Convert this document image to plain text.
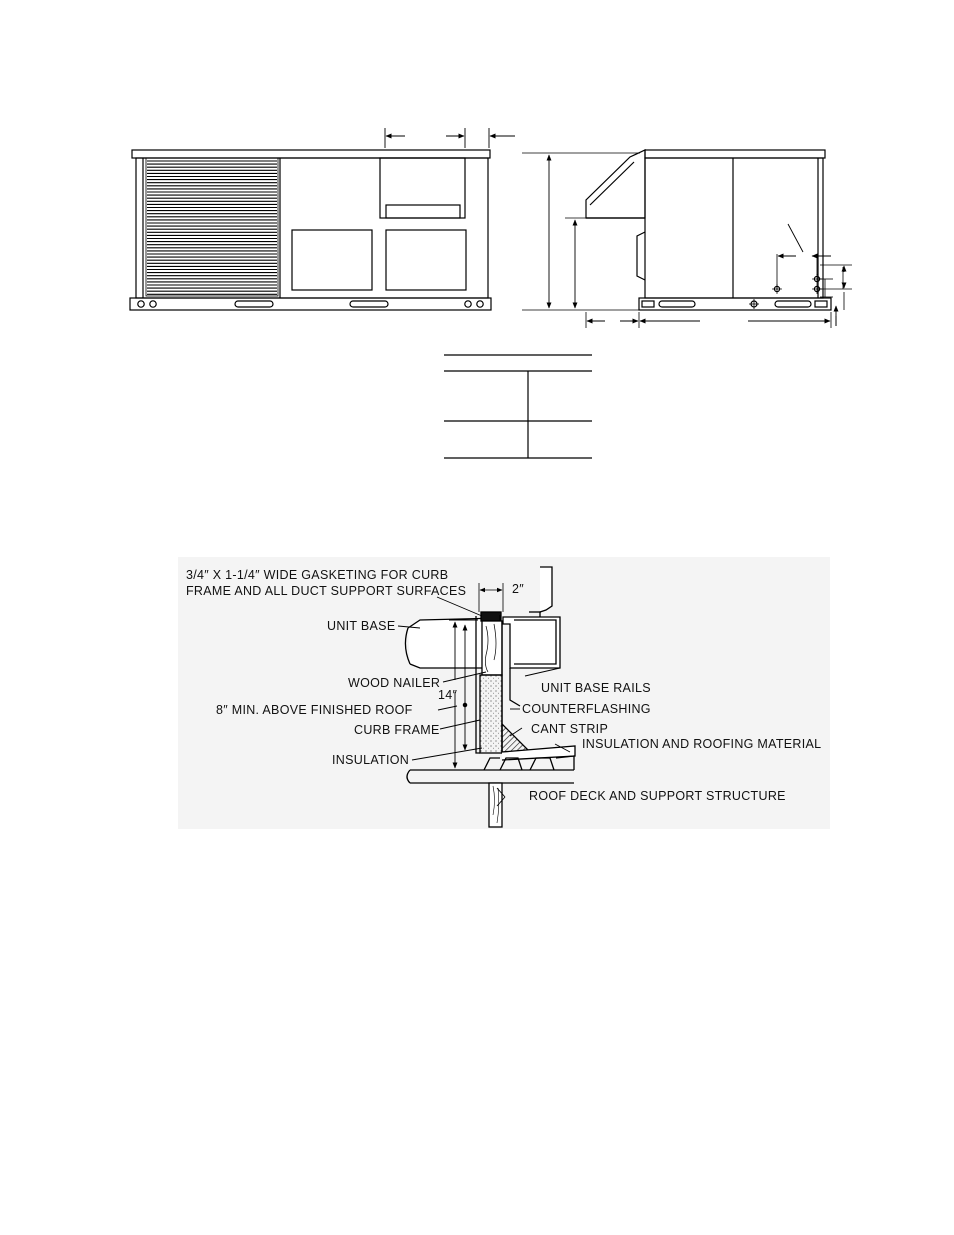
3/4″ X 1-1/4″ WIDE GASKETING FOR CURB
FRAME AND ALL DUCT SUPPORT SURFACES	2″
UNIT BASE
WOOD NAILER	UNIT BASE RAILS
14″
8″ MIN. ABOVE FINISHED ROOF	COUNTERFLASHING
CURB FRAME	CANT STRIP
INSULATION AND ROOFING MATERIAL
INSULATION
ROOF DECK AND SUPPORT STRUCTURE
